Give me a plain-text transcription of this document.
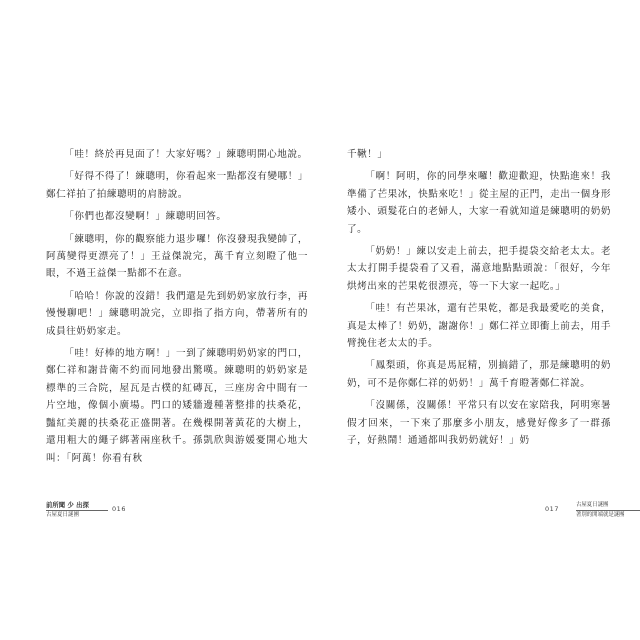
「哇！終於再見面了！大家好嗎？」練聰明開心地說。

「好得不得了！練聰明，你看起來一點都沒有變哪！」鄭仁祥拍了拍練聰明的肩膀說。

「你們也都沒變啊！」練聰明回答。

「練聰明，你的觀察能力退步囉！你沒發現我變帥了，阿萬變得更漂亮了！」王益傑說完，萬千育立刻瞪了他一眼，不過王益傑一點都不在意。

「哈哈！你說的沒錯！我們還是先到奶奶家放行李，再慢慢聊吧！」練聰明說完，立即指了指方向，帶著所有的成員往奶奶家走。

「哇！好棒的地方啊！」一到了練聰明奶奶家的門口，鄭仁祥和謝昔衛不約而同地發出驚嘆。練聰明的奶奶家是標準的三合院，屋瓦是古樸的紅磚瓦，三座房舍中間有一片空地，像個小廣場。門口的矮牆邊種著整排的扶桑花，豔紅美麗的扶桑花正盛開著。在幾棵開著黃花的大樹上，還用粗大的繩子綁著兩座秋千。孫凱欣與游媛憂開心地大叫：「阿萬！你看有秋

千鞦！」

「啊！阿明，你的同學來囉！歡迎歡迎，快點進來！我準備了芒果冰，快點來吃！」從主屋的正門，走出一個身形矮小、頭髮花白的老婦人，大家一看就知道是練聰明的奶奶了。

「奶奶！」練以安走上前去，把手提袋交給老太太。老太太打開手提袋看了又看，滿意地點點頭說：「很好，今年烘烤出來的芒果乾很漂亮，等一下大家一起吃。」

「哇！有芒果冰，還有芒果乾，都是我最愛吃的美食，真是太棒了！奶奶，謝謝你！」鄭仁祥立即衝上前去，用手臂挽住老太太的手。

「鳳梨頭，你真是馬屁精，別搞錯了，那是練聰明的奶奶，可不是你鄭仁祥的奶奶！」萬千育瞪著鄭仁祥說。

「沒關係，沒關係！平常只有以安在家陪我，阿明寒暑假才回來，一下來了那麼多小朋友，感覺好像多了一群孫子，好熱鬧！通通都叫我奶奶就好！」奶

前所聞 少 出探
古屋夏日謎團
016	017	古屋夏日謎團
著別的開端就是謎團
